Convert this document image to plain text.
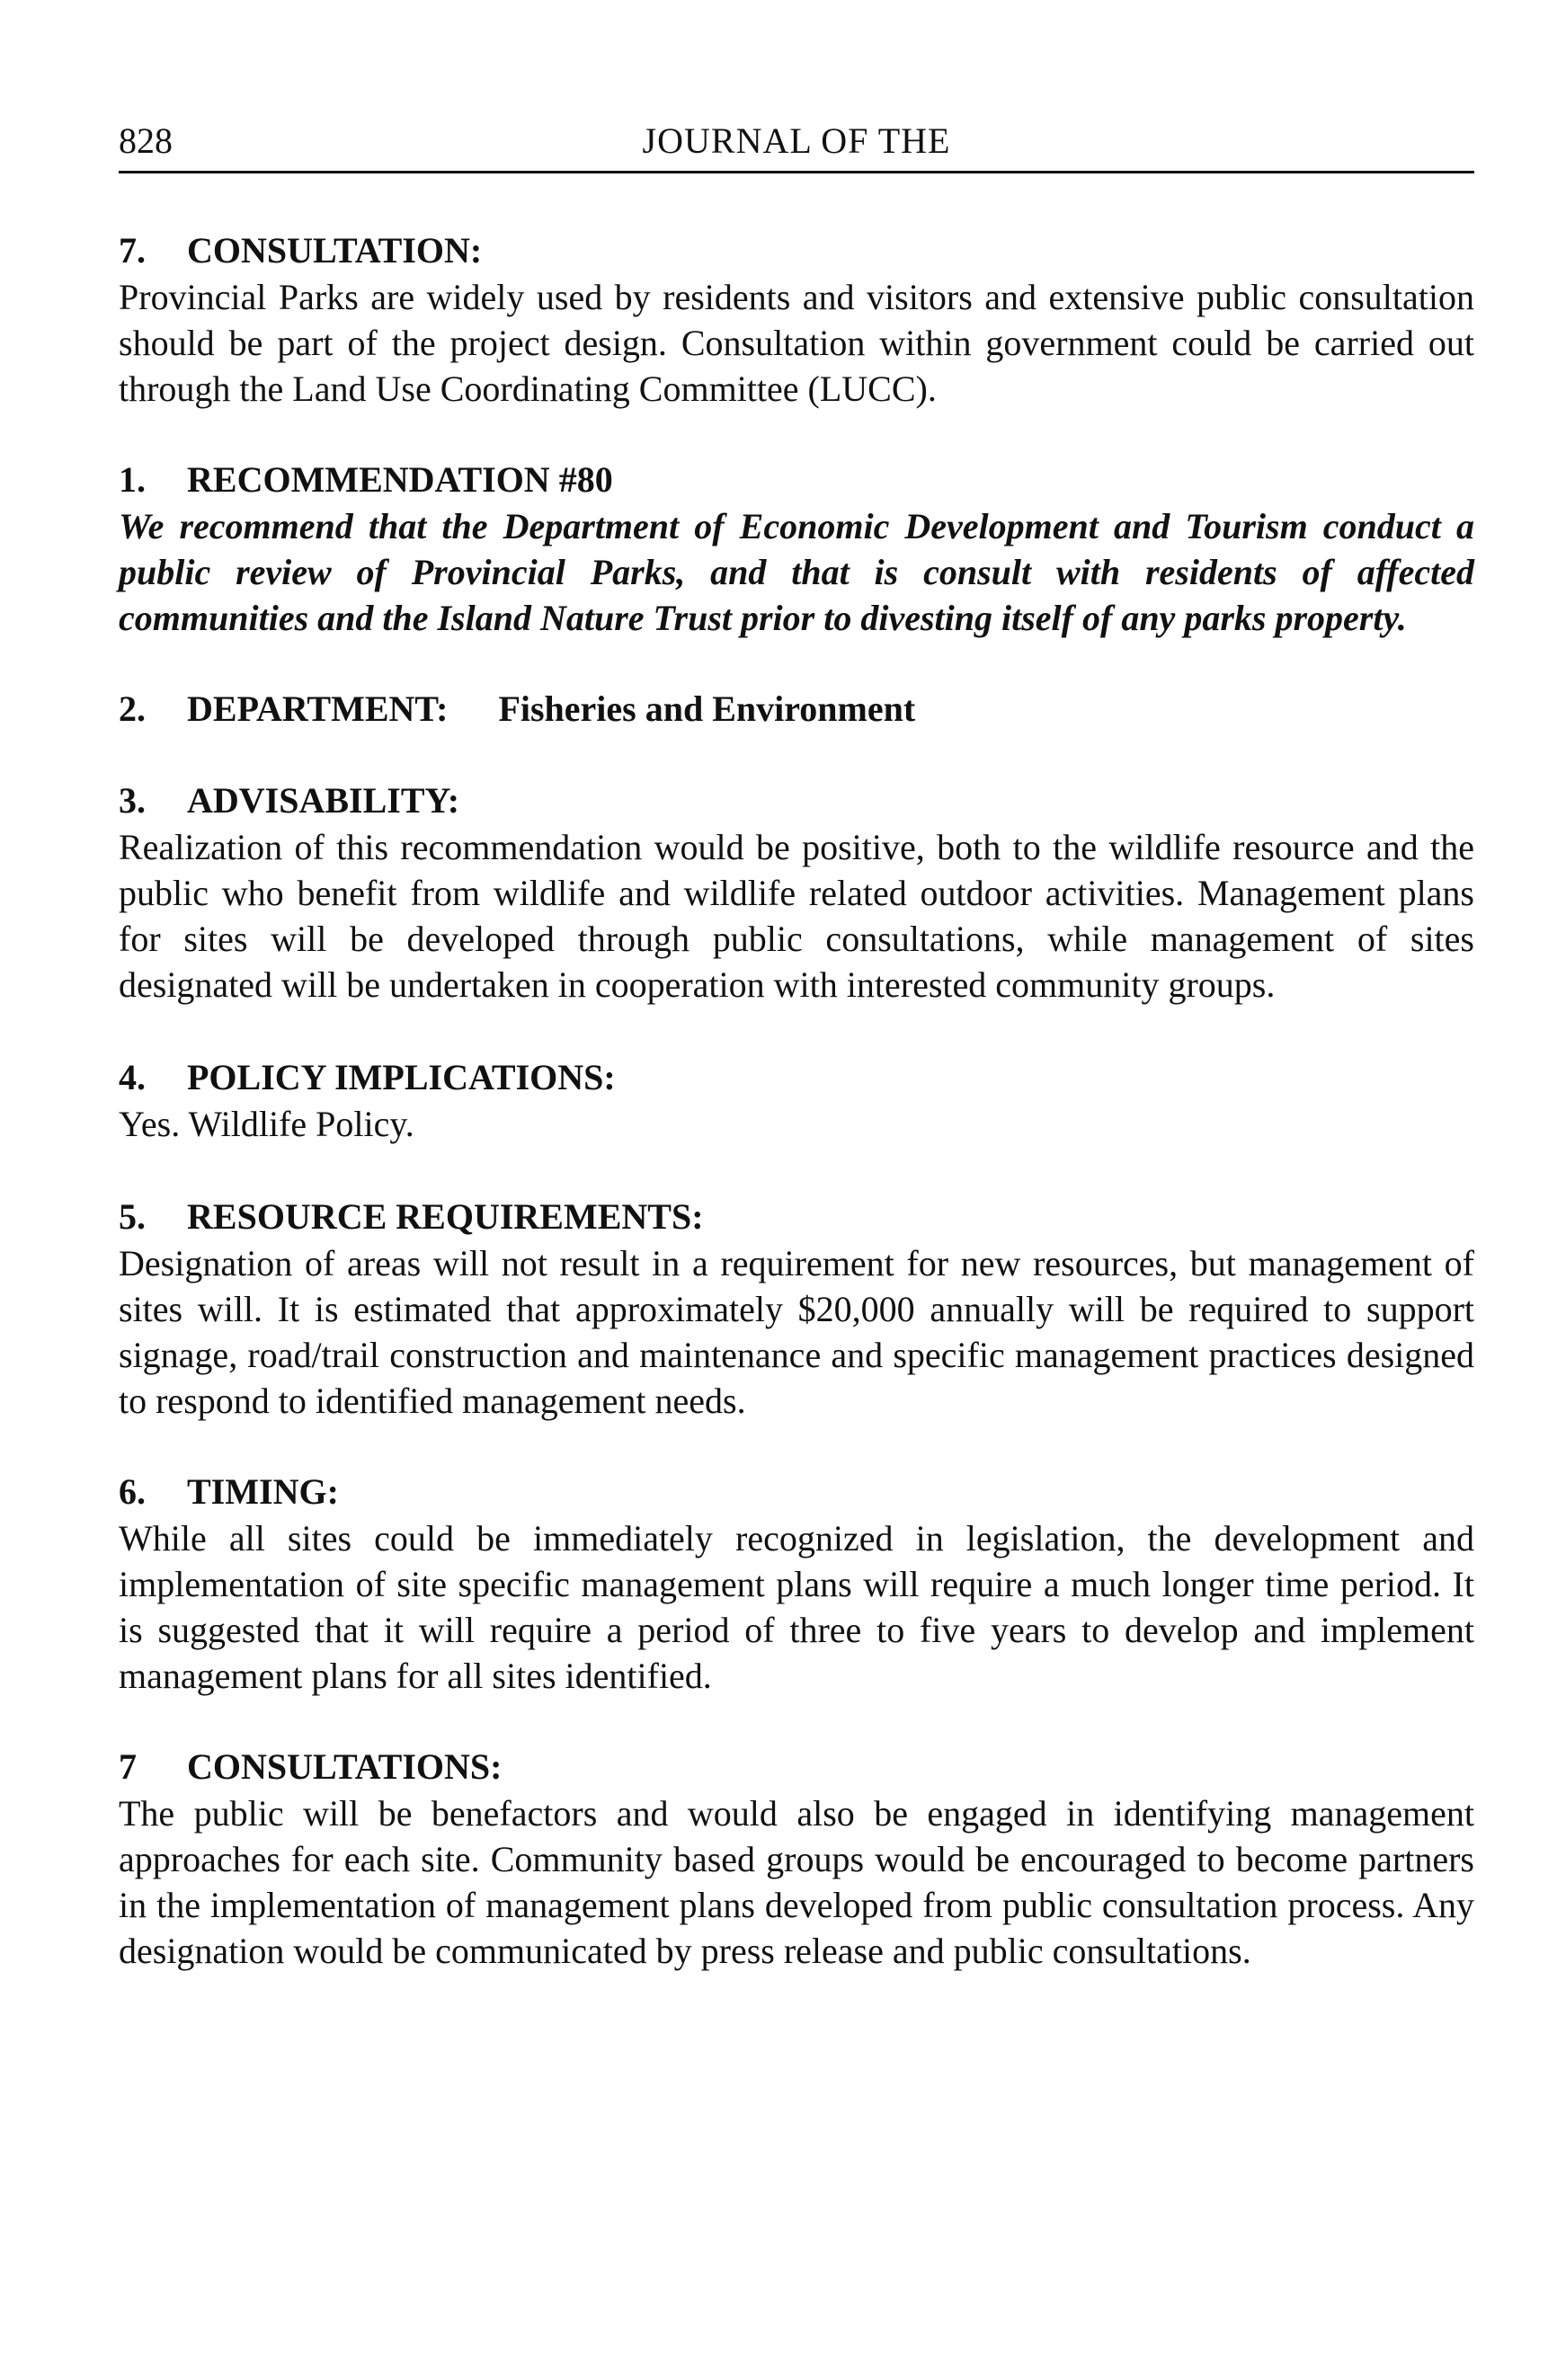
828	JOURNAL OF THE
7.	CONSULTATION:

Provincial Parks are widely used by residents and visitors and extensive public consultation should be part of the project design. Consultation within government could be carried out through the Land Use Coordinating Committee (LUCC).

1.	RECOMMENDATION #80

We recommend that the Department of Economic Development and Tourism conduct a public review of Provincial Parks, and that is consult with residents of affected communities and the Island Nature Trust prior to divesting itself of any parks property.

2.	DEPARTMENT: Fisheries and Environment
3.	ADVISABILITY:

Realization of this recommendation would be positive, both to the wildlife resource and the public who benefit from wildlife and wildlife related outdoor activities. Management plans for sites will be developed through public consultations, while management of sites designated will be undertaken in cooperation with interested community groups.

4.	POLICY IMPLICATIONS:

Yes. Wildlife Policy.

5.	RESOURCE REQUIREMENTS:

Designation of areas will not result in a requirement for new resources, but management of sites will. It is estimated that approximately $20,000 annually will be required to support signage, road/trail construction and maintenance and specific management practices designed to respond to identified management needs.

6.	TIMING:

While all sites could be immediately recognized in legislation, the development and implementation of site specific management plans will require a much longer time period. It is suggested that it will require a period of three to five years to develop and implement management plans for all sites identified.

7	CONSULTATIONS:

The public will be benefactors and would also be engaged in identifying management approaches for each site. Community based groups would be encouraged to become partners in the implementation of management plans developed from public consultation process. Any designation would be communicated by press release and public consultations.
